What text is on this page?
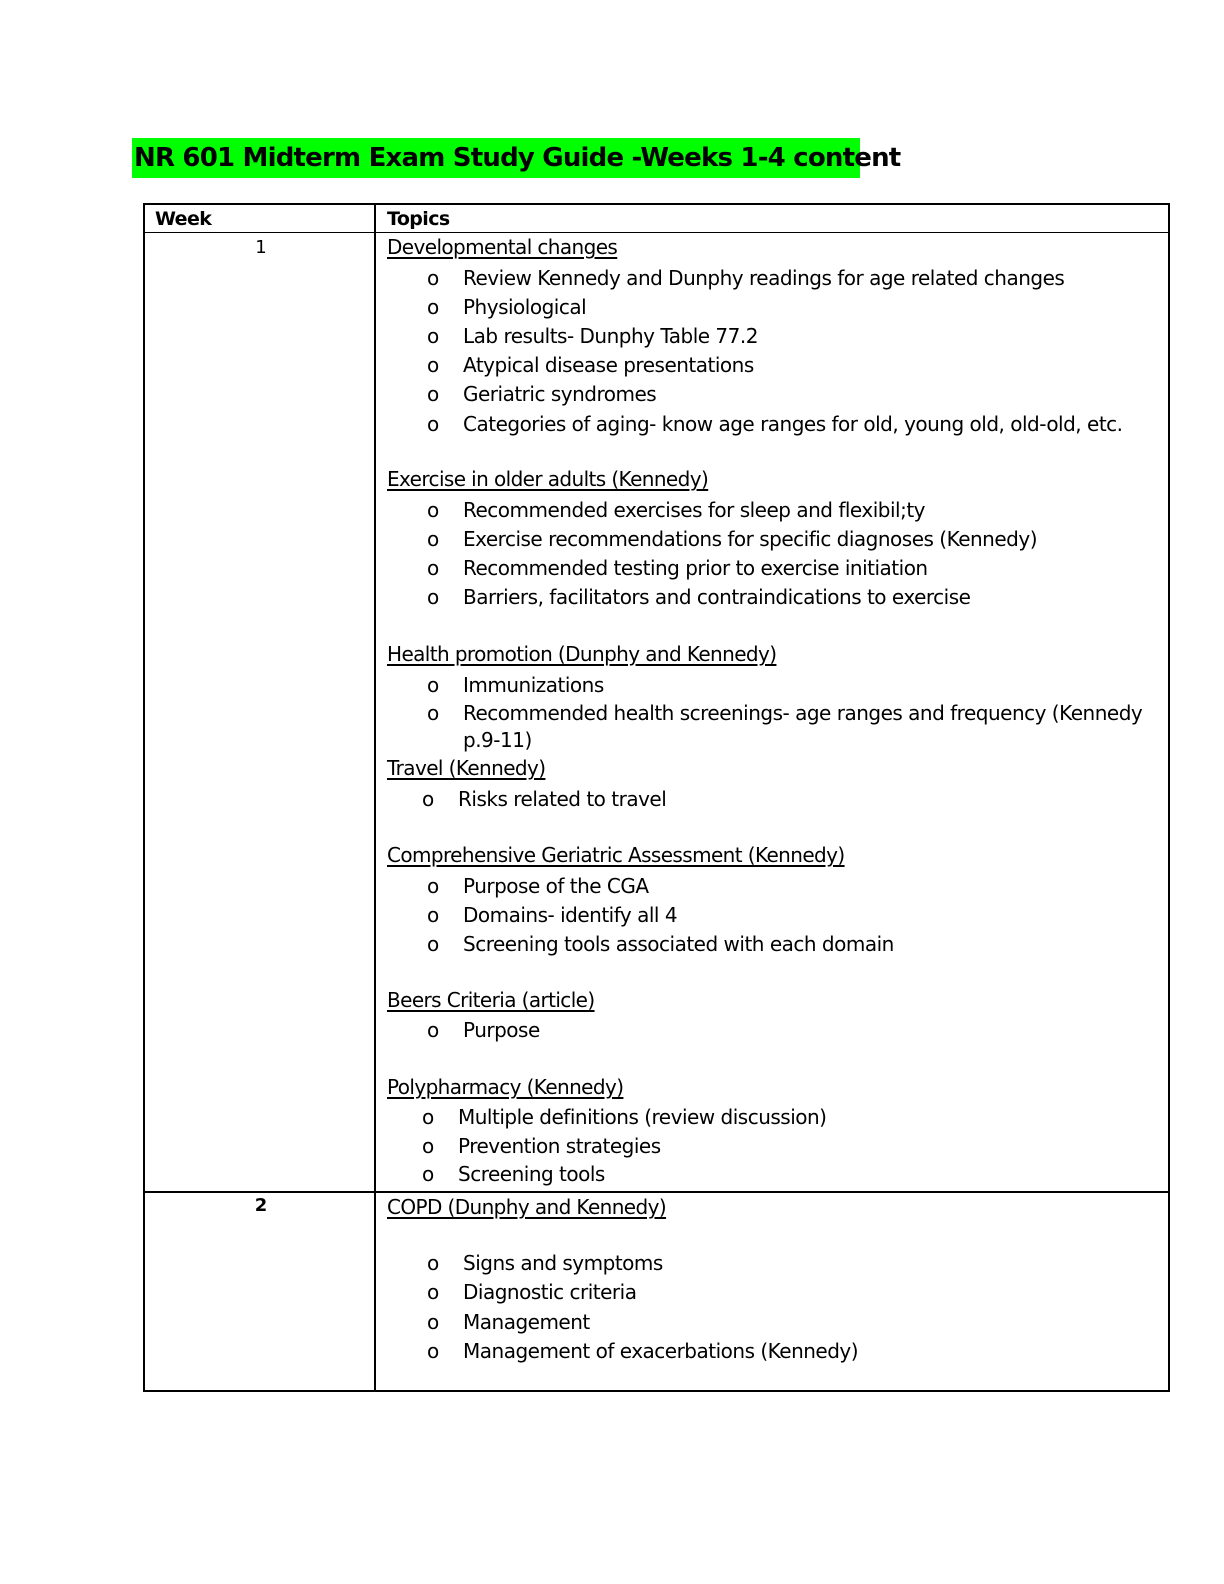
NR 601 Midterm Exam Study Guide -Weeks 1-4 content
Week	Topics
1
2
Developmental changes
o Review Kennedy and Dunphy readings for age related changes
o Physiological
o Lab results- Dunphy Table 77.2
o Atypical disease presentations
o Geriatric syndromes
o Categories of aging- know age ranges for old, young old, old-old, etc.
Exercise in older adults (Kennedy)
o Recommended exercises for sleep and flexibil;ty
o Exercise recommendations for specific diagnoses (Kennedy)
o Recommended testing prior to exercise initiation
o Barriers, facilitators and contraindications to exercise
Health promotion (Dunphy and Kennedy)
o Immunizations
o Recommended health screenings- age ranges and frequency (Kennedy p.9-11)
Travel (Kennedy)
o Risks related to travel
Comprehensive Geriatric Assessment (Kennedy)
o Purpose of the CGA
o Domains- identify all 4
o Screening tools associated with each domain
Beers Criteria (article)
o Purpose
Polypharmacy (Kennedy)
o Multiple definitions (review discussion)
o Prevention strategies
o Screening tools
COPD (Dunphy and Kennedy)
o Signs and symptoms
o Diagnostic criteria
o Management
o Management of exacerbations (Kennedy)
